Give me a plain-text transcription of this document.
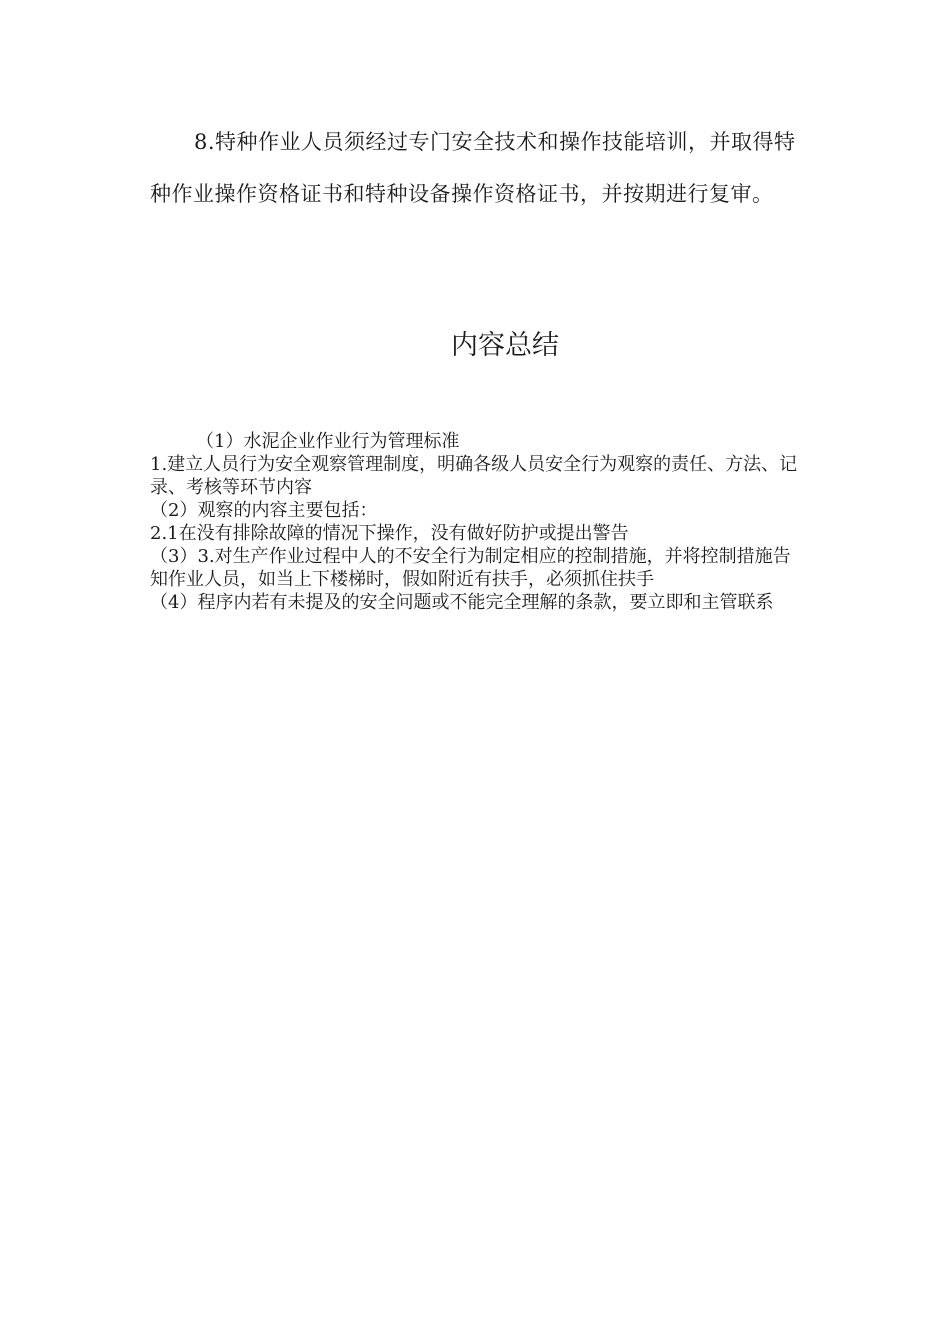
8.特种作业人员须经过专门安全技术和操作技能培训，并取得特种作业操作资格证书和特种设备操作资格证书，并按期进行复审。

内容总结

（1）水泥企业作业行为管理标准

1.建立人员行为安全观察管理制度，明确各级人员安全行为观察的责任、方法、记录、考核等环节内容

（2）观察的内容主要包括：

2.1在没有排除故障的情况下操作，没有做好防护或提出警告

（3）3.对生产作业过程中人的不安全行为制定相应的控制措施，并将控制措施告知作业人员，如当上下楼梯时，假如附近有扶手，必须抓住扶手

（4）程序内若有未提及的安全问题或不能完全理解的条款，要立即和主管联系
